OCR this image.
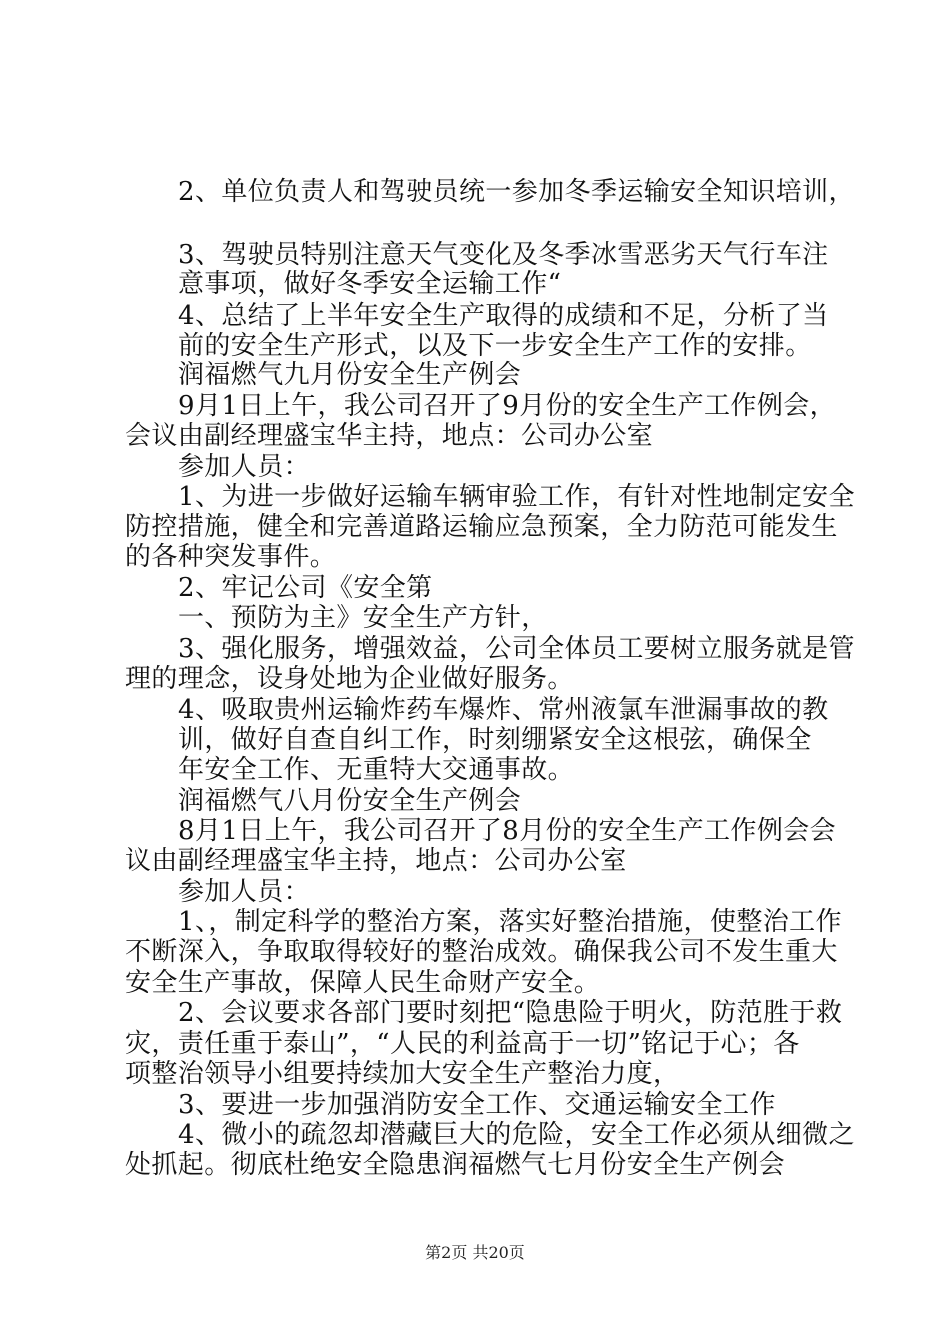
2、单位负责人和驾驶员统一参加冬季运输安全知识培训，
3、驾驶员特别注意天气变化及冬季冰雪恶劣天气行车注
意事项，做好冬季安全运输工作“
4、总结了上半年安全生产取得的成绩和不足，分析了当
前的安全生产形式，以及下一步安全生产工作的安排。
润福燃气九月份安全生产例会
9月1日上午，我公司召开了9月份的安全生产工作例会，
会议由副经理盛宝华主持，地点：公司办公室
参加人员：
1、为进一步做好运输车辆审验工作，有针对性地制定安全
防控措施，健全和完善道路运输应急预案，全力防范可能发生
的各种突发事件。
2、牢记公司《安全第
一、预防为主》安全生产方针，
3、强化服务，增强效益，公司全体员工要树立服务就是管
理的理念，设身处地为企业做好服务。
4、吸取贵州运输炸药车爆炸、常州液氯车泄漏事故的教
训，做好自查自纠工作，时刻绷紧安全这根弦，确保全
年安全工作、无重特大交通事故。
润福燃气八月份安全生产例会
8月1日上午，我公司召开了8月份的安全生产工作例会会
议由副经理盛宝华主持，地点：公司办公室
参加人员：
1、，制定科学的整治方案，落实好整治措施，使整治工作
不断深入，争取取得较好的整治成效。确保我公司不发生重大
安全生产事故，保障人民生命财产安全。
2、会议要求各部门要时刻把“隐患险于明火，防范胜于救
灾，责任重于泰山”，“人民的利益高于一切”铭记于心；各
项整治领导小组要持续加大安全生产整治力度，
3、要进一步加强消防安全工作、交通运输安全工作
4、微小的疏忽却潜藏巨大的危险，安全工作必须从细微之
处抓起。彻底杜绝安全隐患润福燃气七月份安全生产例会
第2页 共20页
